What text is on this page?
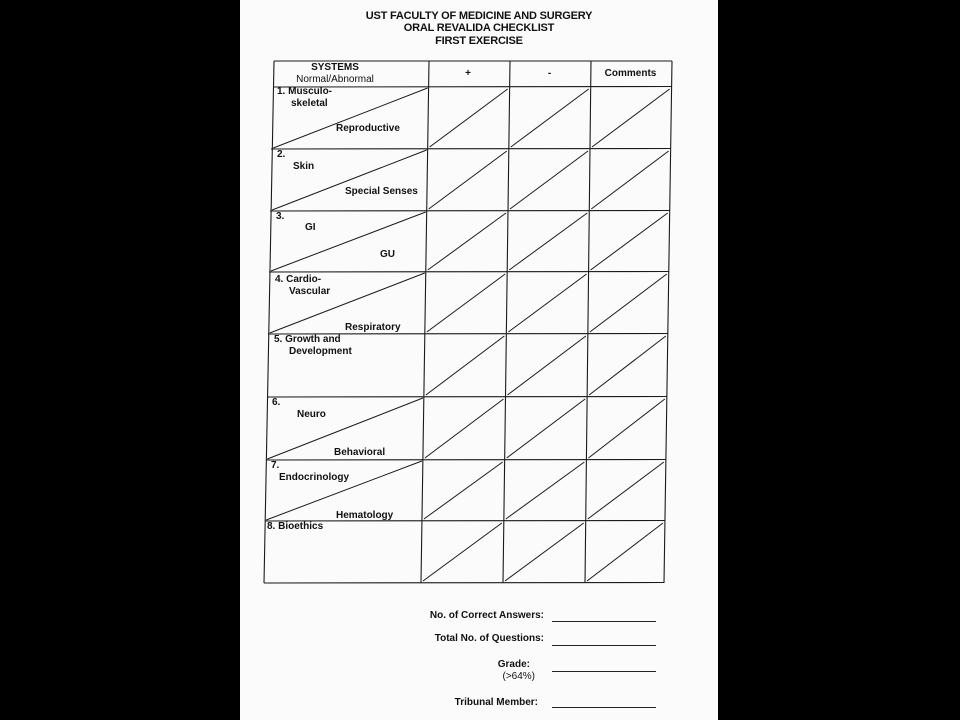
UST FACULTY OF MEDICINE AND SURGERY
ORAL REVALIDA CHECKLIST
FIRST EXERCISE
SYSTEMS
Normal/Abnormal
+	-	Comments
1. Musculo-
skeletal
Reproductive
2.
Skin
Special Senses
3.
GI
GU
4. Cardio-
Vascular
Respiratory
5. Growth and
Development
6.
Neuro
Behavioral
7.
Endocrinology
Hematology
8. Bioethics
No. of Correct Answers:
Total No. of Questions:
Grade:
(>64%)
Tribunal Member:
